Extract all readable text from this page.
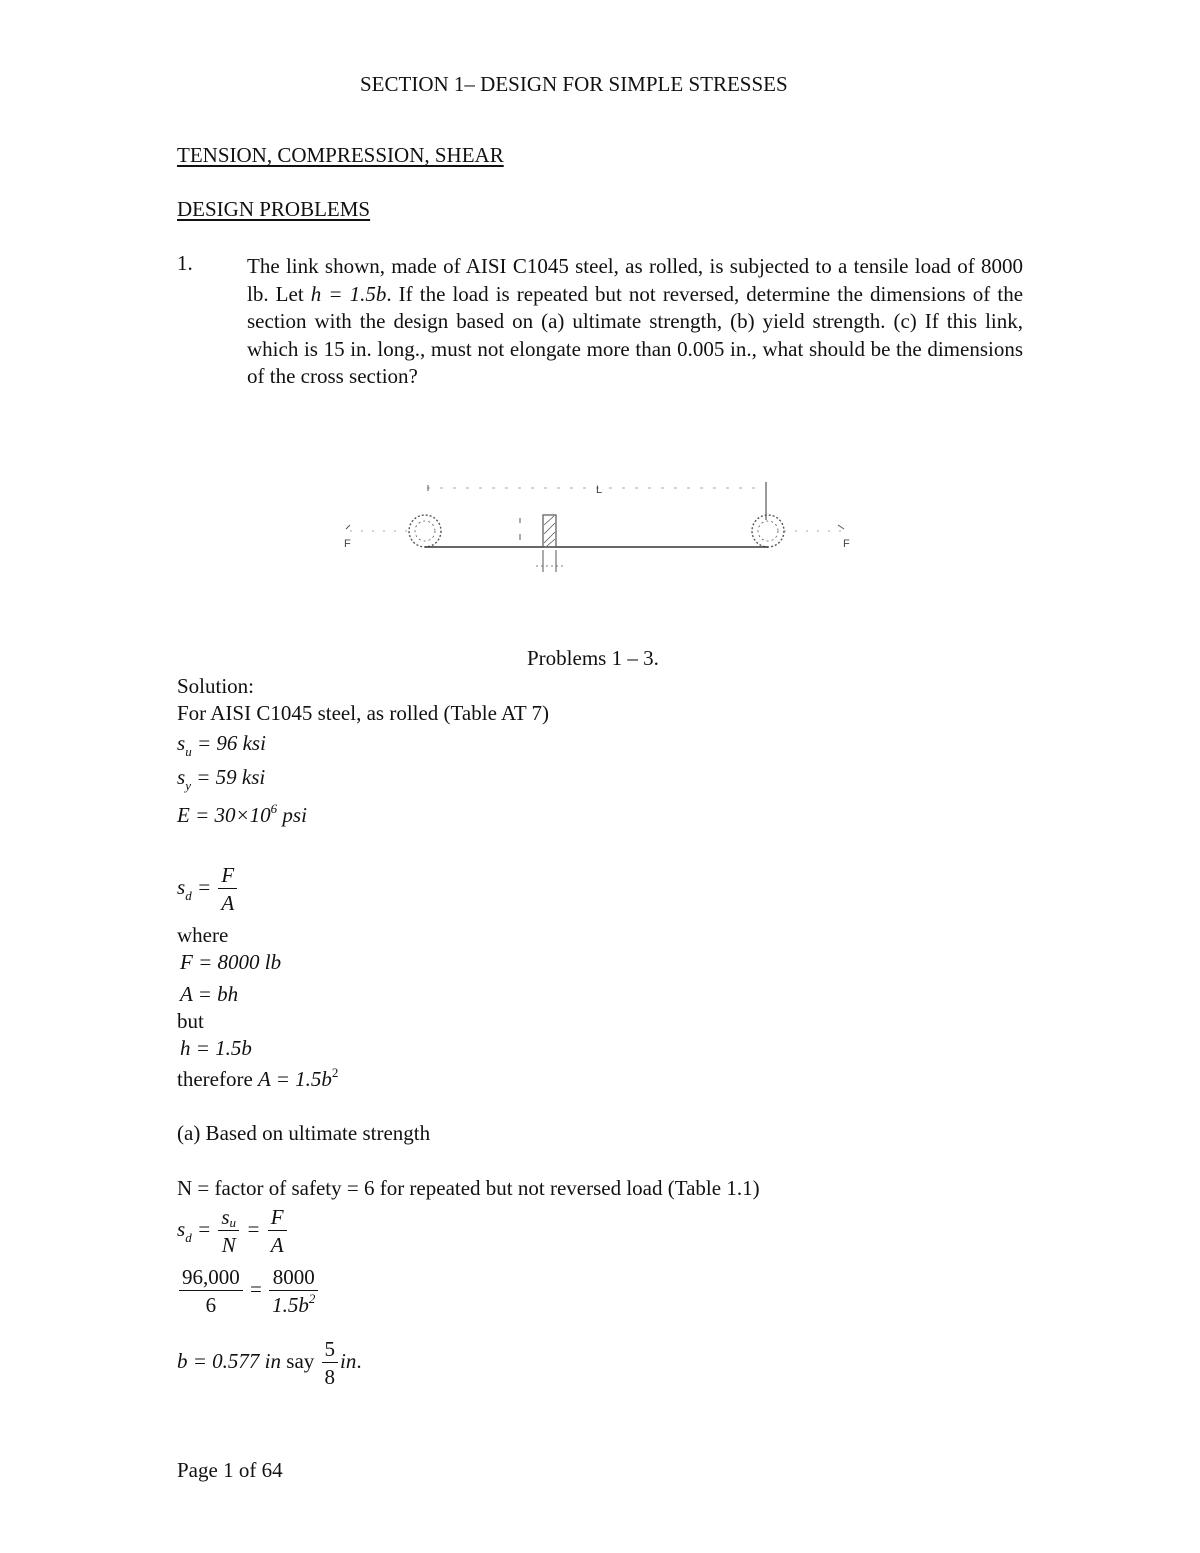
SECTION 1– DESIGN FOR SIMPLE STRESSES
TENSION, COMPRESSION, SHEAR
DESIGN PROBLEMS
1.	The link shown, made of AISI C1045 steel, as rolled, is subjected to a tensile load of 8000 lb. Let h = 1.5b. If the load is repeated but not reversed, determine the dimensions of the section with the design based on (a) ultimate strength, (b) yield strength. (c) If this link, which is 15 in. long., must not elongate more than 0.005 in., what should be the dimensions of the cross section?
L
F	F
Problems 1 – 3.
Solution:
For AISI C1045 steel, as rolled (Table AT 7)
$s_u = 96$ ksi
$s_y = 59$ ksi
$E = 30\times 10^6$ psi
$s_d = \frac{F}{A}$
where
F = 8000 lb
A = bh
but
h = 1.5b
therefore $A = 1.5b^2$
(a) Based on ultimate strength
N = factor of safety = 6 for repeated but not reversed load (Table 1.1)
$s_d = \frac{su}{N} = \frac{F}{A}$
$\frac{96,000}{6} = \frac{8000}{1.5b^2}$
b = 0.577 in say $\frac{5}{8}$ in.
Page 1 of 64
